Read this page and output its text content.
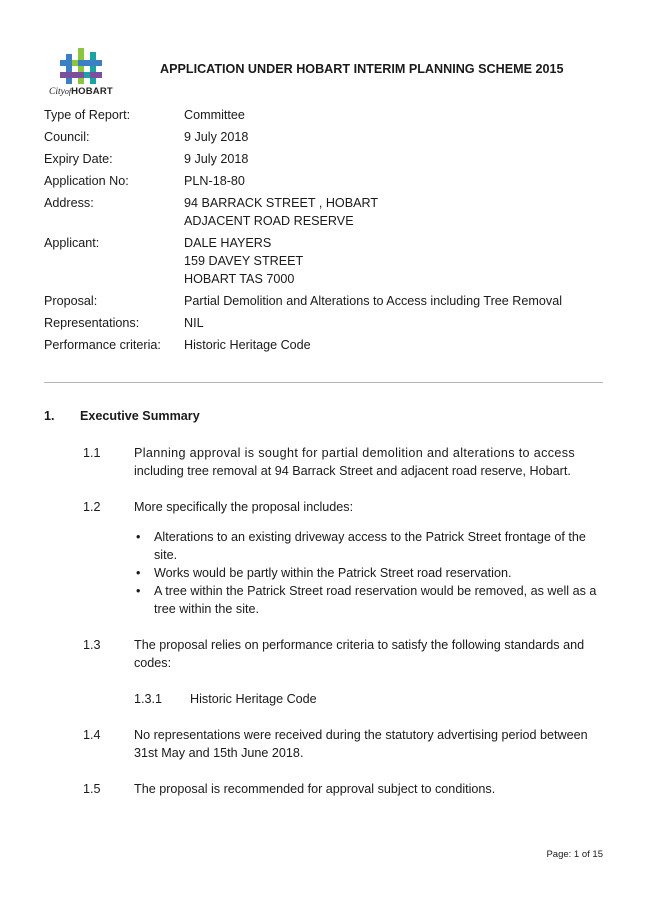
CityofHOBART
APPLICATION UNDER HOBART INTERIM PLANNING SCHEME 2015
Type of Report:	Committee
Council:	9 July 2018
Expiry Date:	9 July 2018
Application No:	PLN-18-80
Address:	94 BARRACK STREET , HOBART
ADJACENT ROAD RESERVE
Applicant:	DALE HAYERS
159 DAVEY STREET
HOBART TAS 7000
Proposal:	Partial Demolition and Alterations to Access including Tree Removal
Representations:	NIL
Performance criteria:	Historic Heritage Code
1.	Executive Summary
1.1	Planning approval is sought for partial demolition and alterations to access
including tree removal at 94 Barrack Street and adjacent road reserve, Hobart.
1.2	More specifically the proposal includes:
• Alterations to an existing driveway access to the Patrick Street frontage of the
site.
• Works would be partly within the Patrick Street road reservation.
• A tree within the Patrick Street road reservation would be removed, as well as a
tree within the site.
1.3	The proposal relies on performance criteria to satisfy the following standards and
codes:
1.3.1	Historic Heritage Code
1.4	No representations were received during the statutory advertising period between
31st May and 15th June 2018.
1.5	The proposal is recommended for approval subject to conditions.
Page: 1 of 15
